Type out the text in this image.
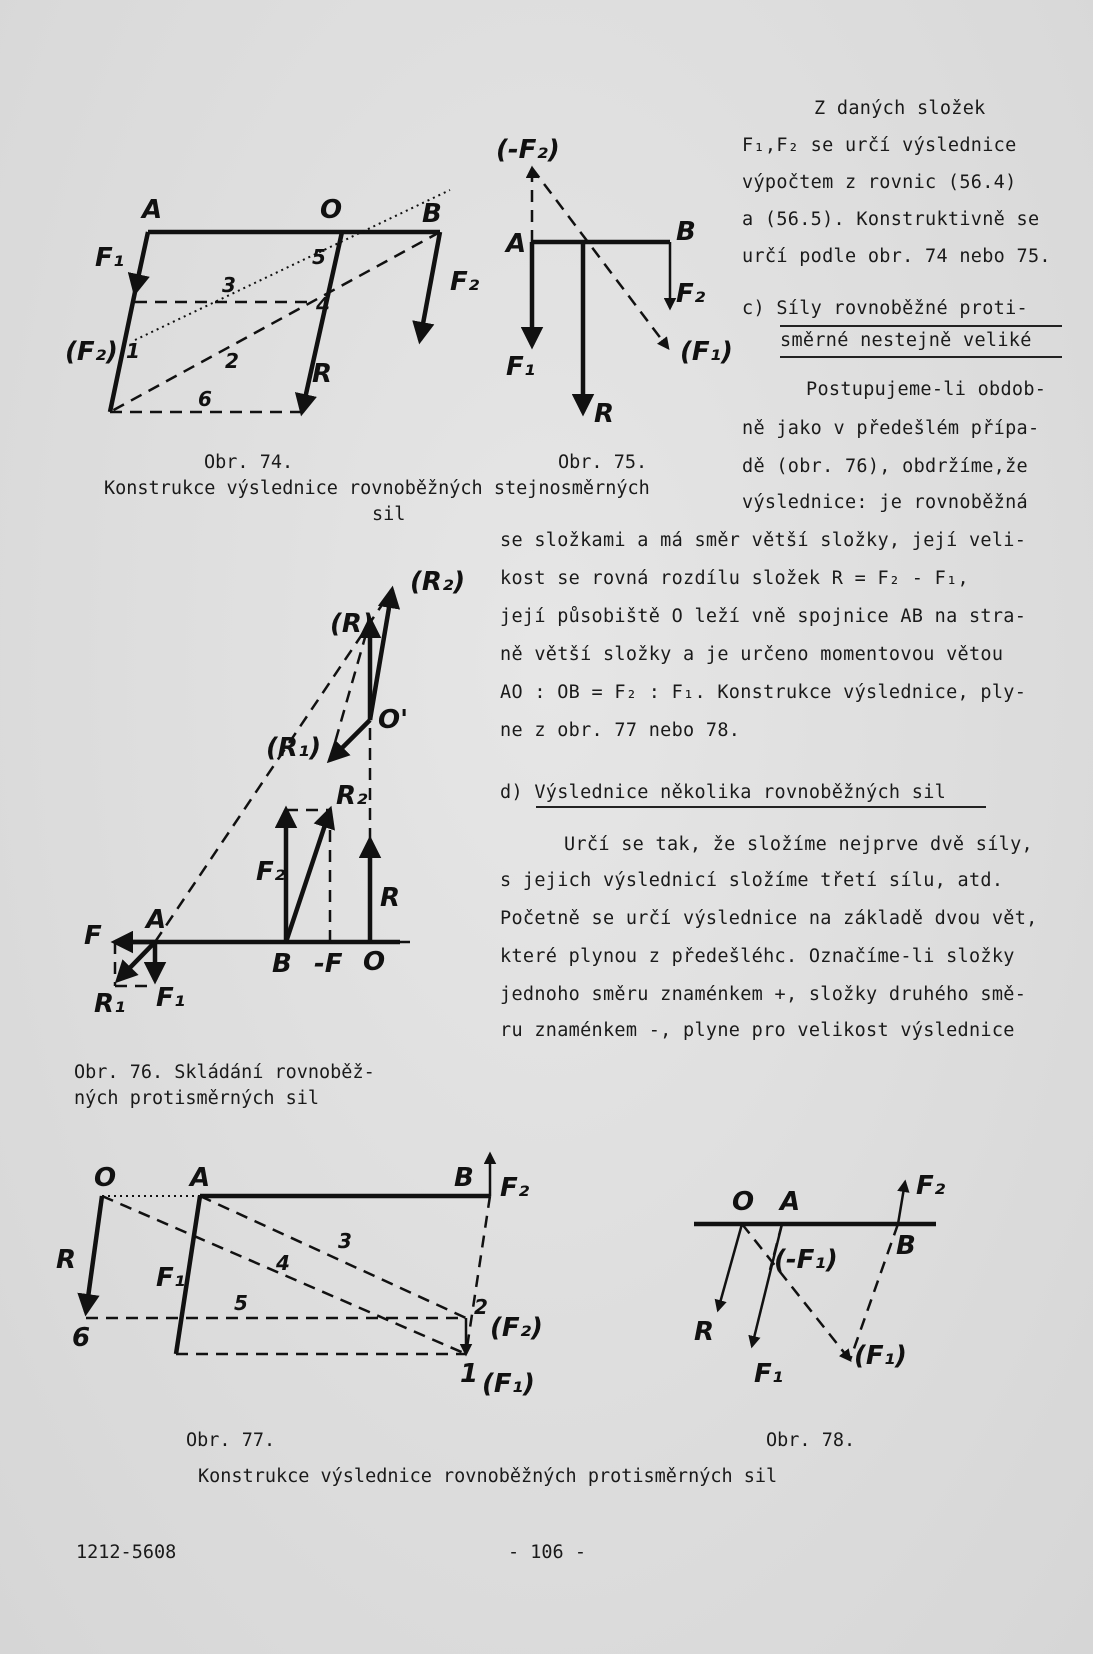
A	O	B
F₁
F₂
(F₂)
R
1	2
3
4
5
6
(-F₂)
A	B
F₂
F₁	(F₁)
R
Z daných složek
F₁,F₂ se určí výslednice
výpočtem z rovnic (56.4)
a (56.5). Konstruktivně se
určí podle obr. 74 nebo 75.
c) Síly rovnoběžné proti-
směrné nestejně veliké
Postupujeme-li obdob-
ně jako v předešlém přípa-
dě (obr. 76), obdržíme,že
výslednice: je rovnoběžná
Obr. 74.	Obr. 75.
Konstrukce výslednice rovnoběžných stejnosměrných
sil
se složkami a má směr větší složky, její veli-
kost se rovná rozdílu složek R = F₂ - F₁,
její působiště O leží vně spojnice AB na stra-
ně větší složky a je určeno momentovou větou
AO : OB = F₂ : F₁. Konstrukce výslednice, ply-
ne z obr. 77 nebo 78.
d) Výslednice několika rovnoběžných sil
Určí se tak, že složíme nejprve dvě síly,
s jejich výslednicí složíme třetí sílu, atd.
Početně se určí výslednice na základě dvou vět,
které plynou z předešléhc. Označíme-li složky
jednoho směru znaménkem +, složky druhého smě-
ru znaménkem -, plyne pro velikost výslednice
(R₂)
(R)
O'
(R₁)
R₂
F₂
R
F
A
B -F O
R₁ F₁
Obr. 76. Skládání rovnoběž-
ných protisměrných sil
O	A	B F₂
R
F₁
3
4
5	2
(F₂)
6
1 (F₁)
O A
F₂
B
(-F₁)
R
F₁
(F₁)
Obr. 77.	Obr. 78.
Konstrukce výslednice rovnoběžných protisměrných sil
1212-5608	- 106 -
